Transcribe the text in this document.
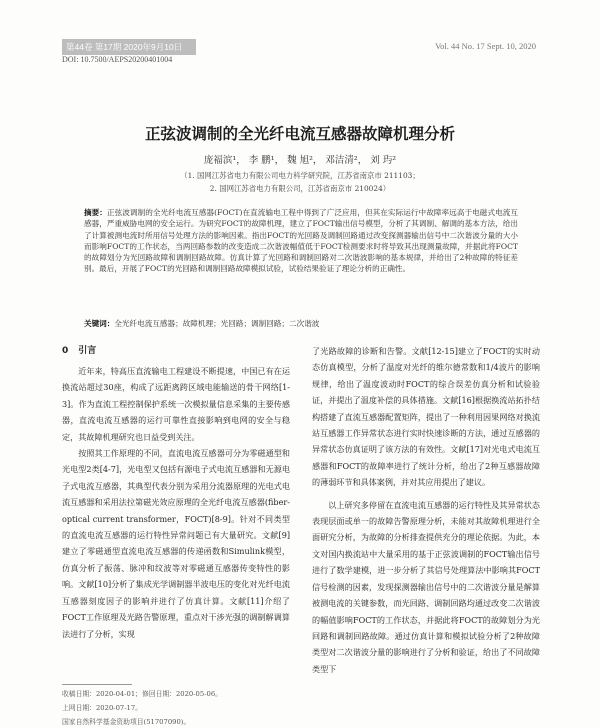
第44卷 第17期 2020年9月10日	Vol. 44 No. 17 Sept. 10, 2020
DOI: 10.7500/AEPS20200401004
正弦波调制的全光纤电流互感器故障机理分析
庞福滨¹， 李 鹏¹， 魏 旭²， 邓洁清²， 刘 玙²
（1. 国网江苏省电力有限公司电力科学研究院，江苏省南京市 211103；
2. 国网江苏省电力有限公司，江苏省南京市 210024）
摘要：正弦波调制的全光纤电流互感器(FOCT)在直流输电工程中得到了广泛应用，但其在实际运行中故障率远高于电磁式电流互感器，严重威胁电网的安全运行。为研究FOCT的故障机理，建立了FOCT输出信号模型，分析了其调制、解调的基本方法，给出了计算被测电流时所用信号处理方法的影响因素。指出FOCT的光回路及调制回路通过改变探测器输出信号中二次谐波分量的大小而影响FOCT的工作状态，当两回路参数的改变造成二次谐波幅值低于FOCT检测要求时将导致其出现测量故障，并据此将FOCT的故障划分为光回路故障和调制回路故障。仿真计算了光回路和调制回路对二次谐波影响的基本规律，并给出了2种故障的特征差别。最后，开展了FOCT的光回路和调制回路故障模拟试验，试验结果验证了理论分析的正确性。
关键词：全光纤电流互感器；故障机理；光回路；调制回路；二次谐波
0 引言

近年来，特高压直流输电工程建设不断提速，中国已有在运换流站超过30座，构成了远距离跨区域电能输送的骨干网络[1-3]。作为直流工程控制保护系统一次模拟量信息采集的主要传感器，直流电流互感器的运行可靠性直接影响到电网的安全与稳定，其故障机理研究也日益受到关注。

按照其工作原理的不同，直流电流互感器可分为零磁通型和光电型2类[4-7]，光电型又包括有源电子式电流互感器和无源电子式电流互感器，其典型代表分别为采用分流器原理的光电式电流互感器和采用法拉第磁光效应原理的全光纤电流互感器(fiber-optical current transformer，FOCT)[8-9]。针对不同类型的直流电流互感器的运行特性异常问题已有大量研究。文献[9]建立了零磁通型直流电流互感器的传递函数和Simulink模型，仿真分析了振荡、脉冲和纹波等对零磁通互感器传变特性的影响。文献[10]分析了集成光学调制器半波电压的变化对光纤电流互感器刻度因子的影响并进行了仿真计算。文献[11]介绍了FOCT工作原理及光路告警原理，重点对干涉光强的调制解调算法进行了分析，实现

了光路故障的诊断和告警。文献[12-15]建立了FOCT的实时动态仿真模型，分析了温度对光纤的维尔德常数和1/4波片的影响规律，给出了温度波动时FOCT的综合误差仿真分析和试验验证，并提出了温度补偿的具体措施。文献[16]根据换流站拓扑结构搭建了直流互感器配置矩阵，提出了一种利用因果网络对换流站互感器工作异常状态进行实时快速诊断的方法，通过互感器的异常状态仿真证明了该方法的有效性。文献[17]对光电式电流互感器和FOCT的故障率进行了统计分析，给出了2种互感器故障的薄弱环节和具体案例，并对其应用提出了建议。

以上研究多停留在直流电流互感器的运行特性及其异常状态表现层面或单一的故障告警原理分析，未能对其故障机理进行全面研究分析，为故障的分析排查提供充分的理论依据。为此，本文对国内换流站中大量采用的基于正弦波调制的FOCT输出信号进行了数学建模，进一步分析了其信号处理算法中影响其FOCT信号检测的因素，发现探测器输出信号中的二次谐波分量是解算被测电流的关键参数，而光回路、调制回路均通过改变二次谐波的幅值影响FOCT的工作状态，并据此将FOCT的故障划分为光回路和调制回路故障。通过仿真计算和模拟试验分析了2种故障类型对二次谐波分量的影响进行了分析和验证，给出了不同故障类型下

收稿日期：2020-04-01；修回日期：2020-05-06。
上网日期：2020-07-17。
国家自然科学基金资助项目(51707090)。
